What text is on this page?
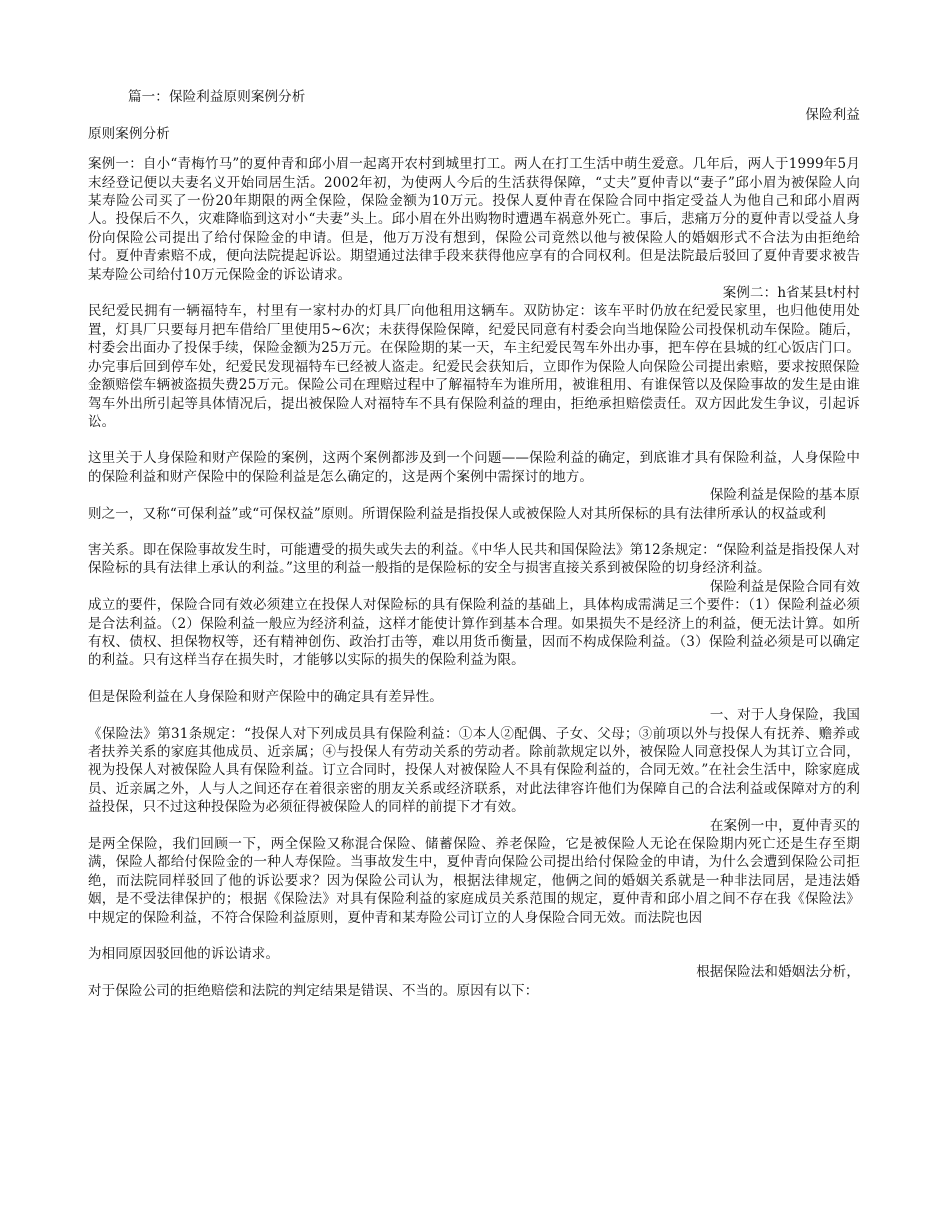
篇一：保险利益原则案例分析

保险利益

原则案例分析

案例一：自小“青梅竹马”的夏仲青和邱小眉一起离开农村到城里打工。两人在打工生活中萌生爱意。几年后，两人于1999年5月末经登记便以夫妻名义开始同居生活。2002年初，为使两人今后的生活获得保障，“丈夫”夏仲青以“妻子”邱小眉为被保险人向某寿险公司买了一份20年期限的两全保险，保险金额为10万元。投保人夏仲青在保险合同中指定受益人为他自己和邱小眉两人。投保后不久，灾难降临到这对小“夫妻”头上。邱小眉在外出购物时遭遇车祸意外死亡。事后，悲痛万分的夏仲青以受益人身份向保险公司提出了给付保险金的申请。但是，他万万没有想到，保险公司竟然以他与被保险人的婚姻形式不合法为由拒绝给付。夏仲青索赔不成，便向法院提起诉讼。期望通过法律手段来获得他应享有的合同权利。但是法院最后驳回了夏仲青要求被告某寿险公司给付10万元保险金的诉讼请求。

案例二：h省某县t村村

民纪爱民拥有一辆福特车，村里有一家村办的灯具厂向他租用这辆车。双防协定：该车平时仍放在纪爱民家里，也归他使用处置，灯具厂只要每月把车借给厂里使用5~6次；未获得保险保障，纪爱民同意有村委会向当地保险公司投保机动车保险。随后，村委会出面办了投保手续，保险金额为25万元。在保险期的某一天，车主纪爱民驾车外出办事，把车停在县城的红心饭店门口。办完事后回到停车处，纪爱民发现福特车已经被人盗走。纪爱民会获知后，立即作为保险人向保险公司提出索赔，要求按照保险金额赔偿车辆被盗损失费25万元。保险公司在理赔过程中了解福特车为谁所用，被谁租用、有谁保管以及保险事故的发生是由谁驾车外出所引起等具体情况后，提出被保险人对福特车不具有保险利益的理由，拒绝承担赔偿责任。双方因此发生争议，引起诉讼。

这里关于人身保险和财产保险的案例，这两个案例都涉及到一个问题——保险利益的确定，到底谁才具有保险利益，人身保险中的保险利益和财产保险中的保险利益是怎么确定的，这是两个案例中需探讨的地方。

保险利益是保险的基本原

则之一，又称“可保利益”或“可保权益”原则。所谓保险利益是指投保人或被保险人对其所保标的具有法律所承认的权益或利

害关系。即在保险事故发生时，可能遭受的损失或失去的利益。《中华人民共和国保险法》第12条规定：“保险利益是指投保人对保险标的具有法律上承认的利益。”这里的利益一般指的是保险标的安全与损害直接关系到被保险的切身经济利益。

保险利益是保险合同有效

成立的要件，保险合同有效必须建立在投保人对保险标的具有保险利益的基础上，具体构成需满足三个要件：（1）保险利益必须是合法利益。（2）保险利益一般应为经济利益，这样才能使计算作到基本合理。如果损失不是经济上的利益，便无法计算。如所有权、债权、担保物权等，还有精神创伤、政治打击等，难以用货币衡量，因而不构成保险利益。（3）保险利益必须是可以确定的利益。只有这样当存在损失时，才能够以实际的损失的保险利益为限。

但是保险利益在人身保险和财产保险中的确定具有差异性。

一、对于人身保险，我国

《保险法》第31条规定：“投保人对下列成员具有保险利益：①本人②配偶、子女、父母；③前项以外与投保人有抚养、赡养或者扶养关系的家庭其他成员、近亲属；④与投保人有劳动关系的劳动者。除前款规定以外，被保险人同意投保人为其订立合同，视为投保人对被保险人具有保险利益。订立合同时，投保人对被保险人不具有保险利益的，合同无效。”在社会生活中，除家庭成员、近亲属之外，人与人之间还存在着很亲密的朋友关系或经济联系，对此法律容许他们为保障自己的合法利益或保障对方的利益投保，只不过这种投保险为必须征得被保险人的同样的前提下才有效。

在案例一中，夏仲青买的

是两全保险，我们回顾一下，两全保险又称混合保险、储蓄保险、养老保险，它是被保险人无论在保险期内死亡还是生存至期满，保险人都给付保险金的一种人寿保险。当事故发生中，夏仲青向保险公司提出给付保险金的申请，为什么会遭到保险公司拒绝，而法院同样驳回了他的诉讼要求？因为保险公司认为，根据法律规定，他俩之间的婚姻关系就是一种非法同居，是违法婚姻，是不受法律保护的；根据《保险法》对具有保险利益的家庭成员关系范围的规定，夏仲青和邱小眉之间不存在我《保险法》中规定的保险利益，不符合保险利益原则，夏仲青和某寿险公司订立的人身保险合同无效。而法院也因

为相同原因驳回他的诉讼请求。

根据保险法和婚姻法分析，

对于保险公司的拒绝赔偿和法院的判定结果是错误、不当的。原因有以下：
